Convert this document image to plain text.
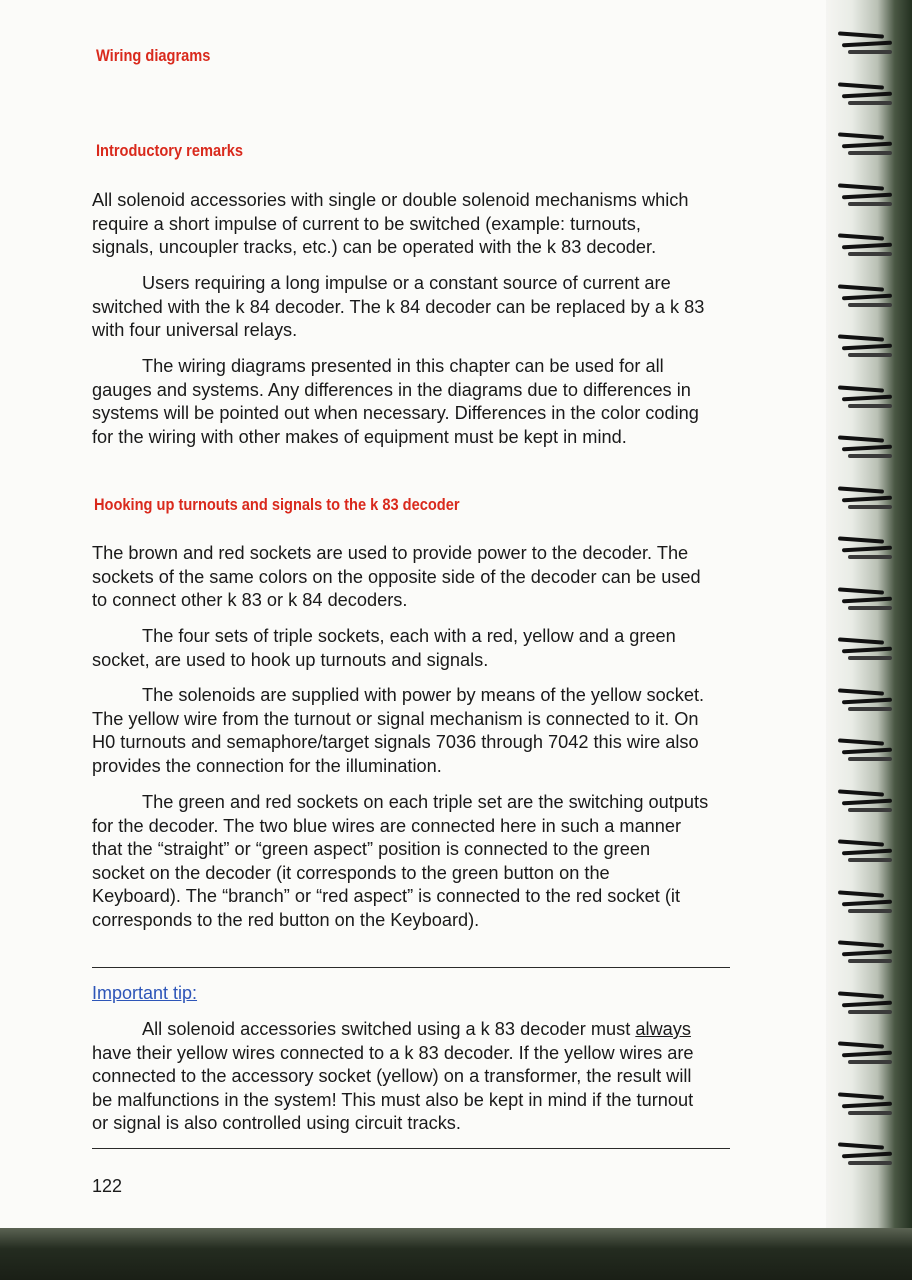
Wiring diagrams
Introductory remarks
All solenoid accessories with single or double solenoid mechanisms which
require a short impulse of current to be switched (example: turnouts,
signals, uncoupler tracks, etc.) can be operated with the k 83 decoder.
Users requiring a long impulse or a constant source of current are
switched with the k 84 decoder. The k 84 decoder can be replaced by a k 83
with four universal relays.
The wiring diagrams presented in this chapter can be used for all
gauges and systems. Any differences in the diagrams due to differences in
systems will be pointed out when necessary. Differences in the color coding
for the wiring with other makes of equipment must be kept in mind.
Hooking up turnouts and signals to the k 83 decoder
The brown and red sockets are used to provide power to the decoder. The
sockets of the same colors on the opposite side of the decoder can be used
to connect other k 83 or k 84 decoders.
The four sets of triple sockets, each with a red, yellow and a green
socket, are used to hook up turnouts and signals.
The solenoids are supplied with power by means of the yellow socket.
The yellow wire from the turnout or signal mechanism is connected to it. On
H0 turnouts and semaphore/target signals 7036 through 7042 this wire also
provides the connection for the illumination.
The green and red sockets on each triple set are the switching outputs
for the decoder. The two blue wires are connected here in such a manner
that the “straight” or “green aspect” position is connected to the green
socket on the decoder (it corresponds to the green button on the
Keyboard). The “branch” or “red aspect” is connected to the red socket (it
corresponds to the red button on the Keyboard).
Important tip:
All solenoid accessories switched using a k 83 decoder must always
have their yellow wires connected to a k 83 decoder. If the yellow wires are
connected to the accessory socket (yellow) on a transformer, the result will
be malfunctions in the system! This must also be kept in mind if the turnout
or signal is also controlled using circuit tracks.
122
